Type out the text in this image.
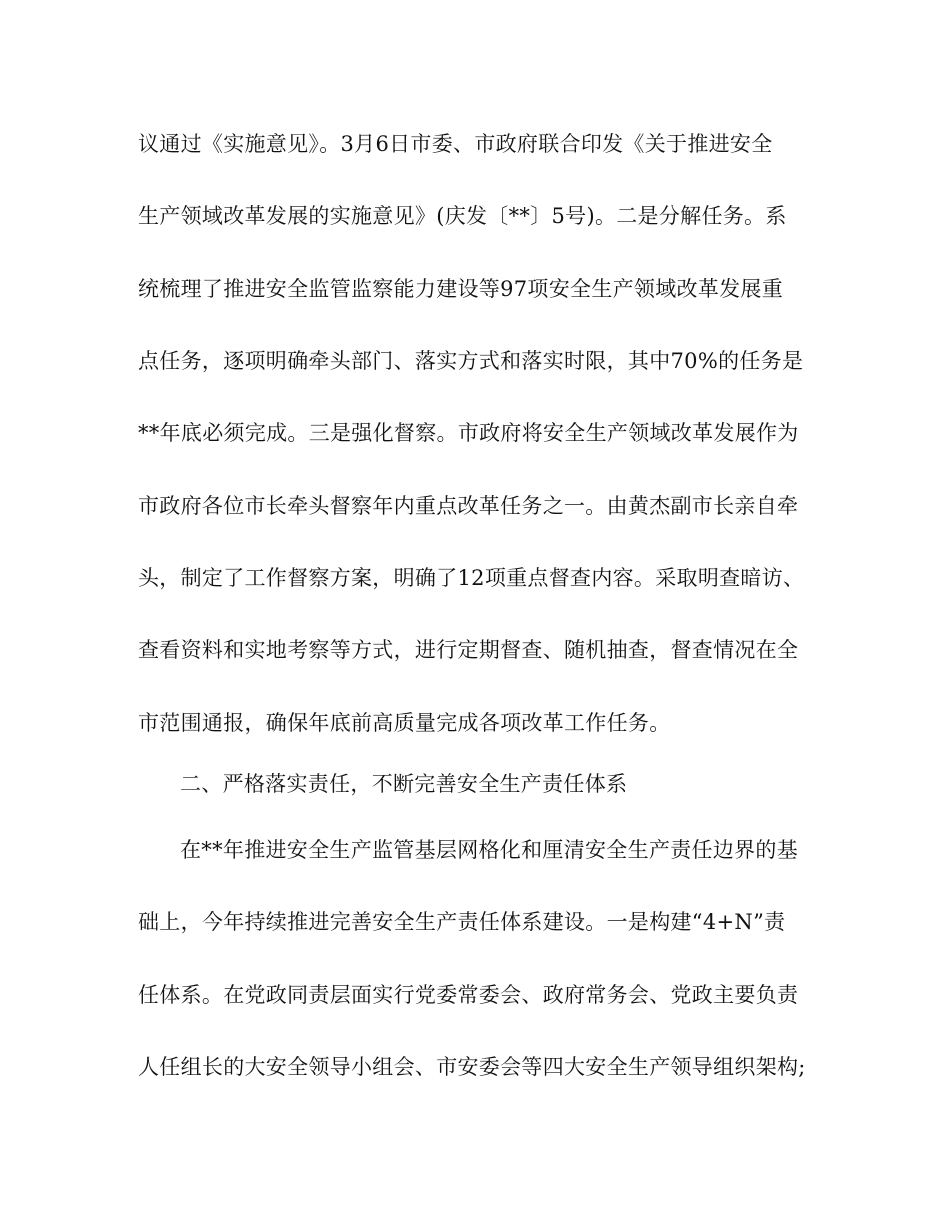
议通过《实施意见》。3月6日市委、市政府联合印发《关于推进安全
生产领域改革发展的实施意见》(庆发〔**〕5号)。二是分解任务。系
统梳理了推进安全监管监察能力建设等97项安全生产领域改革发展重
点任务，逐项明确牵头部门、落实方式和落实时限，其中70%的任务是
**年底必须完成。三是强化督察。市政府将安全生产领域改革发展作为
市政府各位市长牵头督察年内重点改革任务之一。由黄杰副市长亲自牵
头，制定了工作督察方案，明确了12项重点督查内容。采取明查暗访、
查看资料和实地考察等方式，进行定期督查、随机抽查，督查情况在全
市范围通报，确保年底前高质量完成各项改革工作任务。
二、严格落实责任，不断完善安全生产责任体系
在**年推进安全生产监管基层网格化和厘清安全生产责任边界的基
础上，今年持续推进完善安全生产责任体系建设。一是构建“4+N”责
任体系。在党政同责层面实行党委常委会、政府常务会、党政主要负责
人任组长的大安全领导小组会、市安委会等四大安全生产领导组织架构;
